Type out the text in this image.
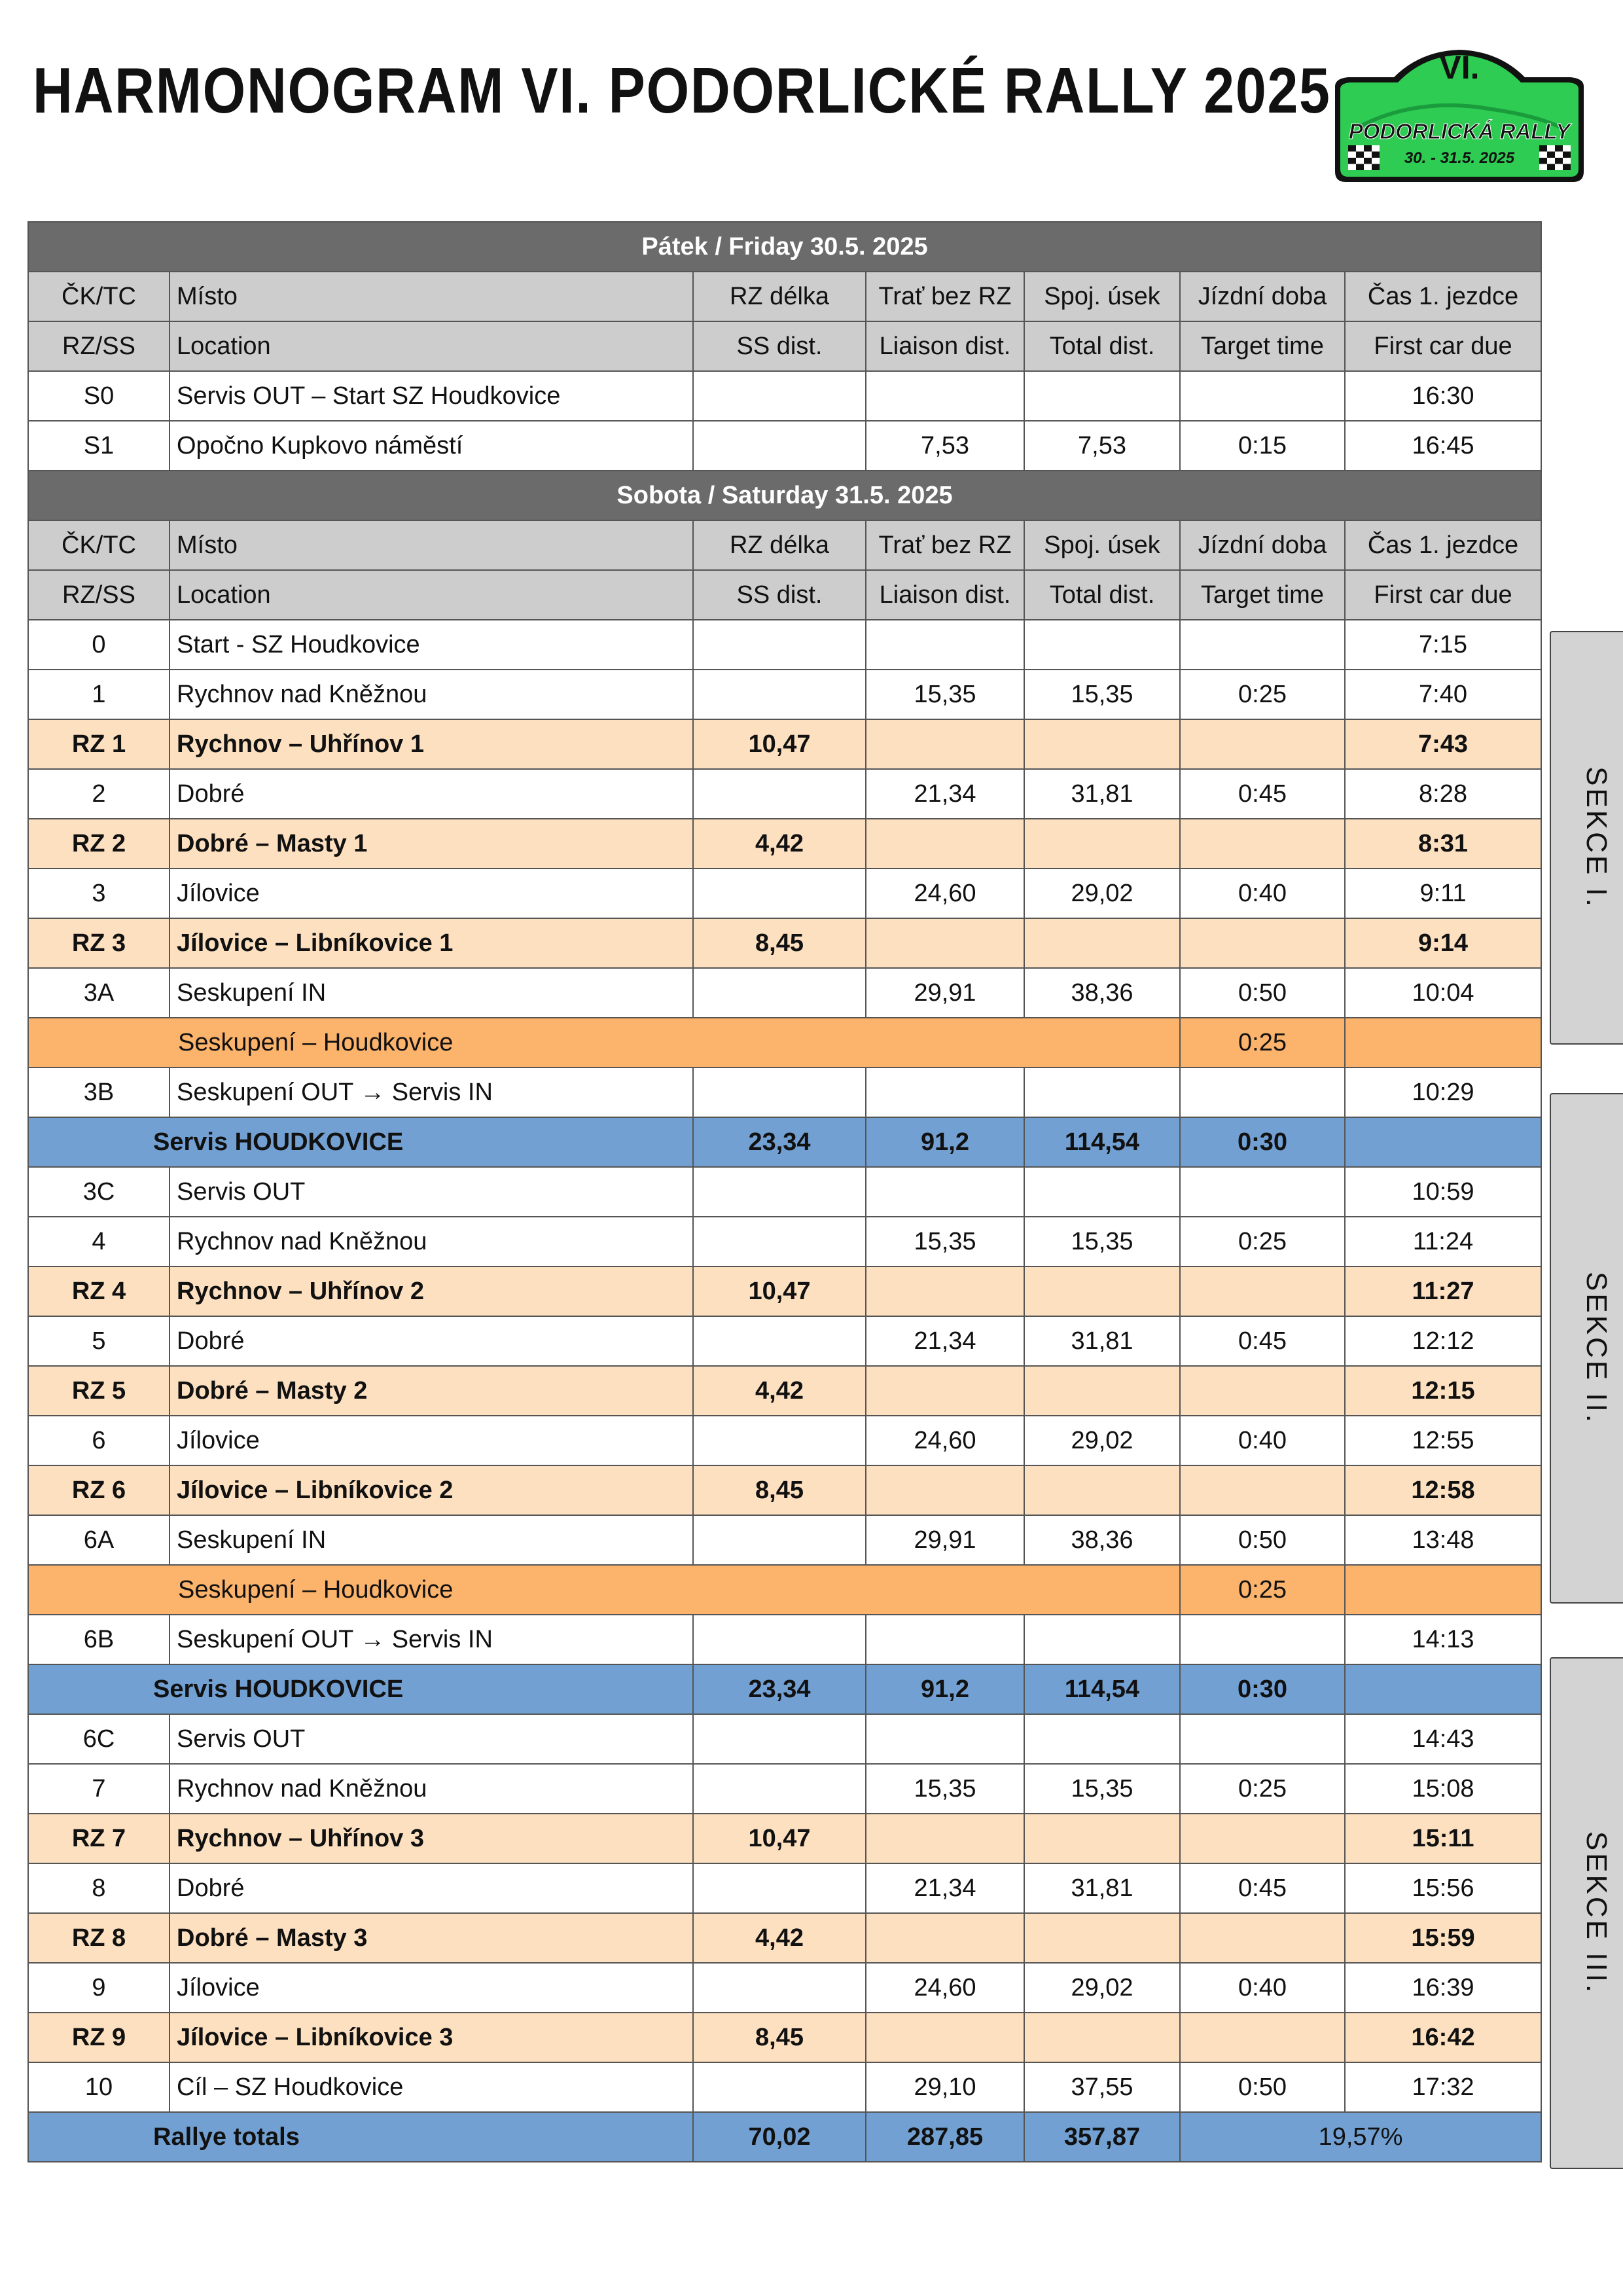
HARMONOGRAM VI. PODORLICKÉ RALLY 2025	VI.
PODORLICKÁ RALLY
30. - 31.5. 2025
Pátek / Friday 30.5. 2025						
ČK/TC	Místo	RZ délka	Trať bez RZ	Spoj. úsek	Jízdní doba	Čas 1. jezdce
RZ/SS	Location	SS dist.	Liaison dist.	Total dist.	Target time	First car due
S0	Servis OUT – Start SZ Houdkovice					16:30
S1	Opočno Kupkovo náměstí		7,53	7,53	0:15	16:45
Sobota / Saturday 31.5. 2025						
ČK/TC	Místo	RZ délka	Trať bez RZ	Spoj. úsek	Jízdní doba	Čas 1. jezdce
RZ/SS	Location	SS dist.	Liaison dist.	Total dist.	Target time	First car due
0	Start - SZ Houdkovice					7:15
1	Rychnov nad Kněžnou		15,35	15,35	0:25	7:40
RZ 1	Rychnov – Uhřínov 1	10,47				7:43
2	Dobré		21,34	31,81	0:45	8:28
RZ 2	Dobré – Masty 1	4,42				8:31
3	Jílovice		24,60	29,02	0:40	9:11
RZ 3	Jílovice – Libníkovice 1	8,45				9:14
3A	Seskupení IN		29,91	38,36	0:50	10:04
Seskupení – Houdkovice					0:25	
3B	Seskupení OUT → Servis IN					10:29
Servis HOUDKOVICE		23,34	91,2	114,54	0:30	
3C	Servis OUT					10:59
4	Rychnov nad Kněžnou		15,35	15,35	0:25	11:24
RZ 4	Rychnov – Uhřínov 2	10,47				11:27
5	Dobré		21,34	31,81	0:45	12:12
RZ 5	Dobré – Masty 2	4,42				12:15
6	Jílovice		24,60	29,02	0:40	12:55
RZ 6	Jílovice – Libníkovice 2	8,45				12:58
6A	Seskupení IN		29,91	38,36	0:50	13:48
Seskupení – Houdkovice					0:25	
6B	Seskupení OUT → Servis IN					14:13
Servis HOUDKOVICE		23,34	91,2	114,54	0:30	
6C	Servis OUT					14:43
7	Rychnov nad Kněžnou		15,35	15,35	0:25	15:08
RZ 7	Rychnov – Uhřínov 3	10,47				15:11
8	Dobré		21,34	31,81	0:45	15:56
RZ 8	Dobré – Masty 3	4,42				15:59
9	Jílovice		24,60	29,02	0:40	16:39
RZ 9	Jílovice – Libníkovice 3	8,45				16:42
10	Cíl – SZ Houdkovice		29,10	37,55	0:50	17:32
Rallye totals		70,02	287,85	357,87	19,57%	
SEKCE I.
SEKCE II.
SEKCE III.
